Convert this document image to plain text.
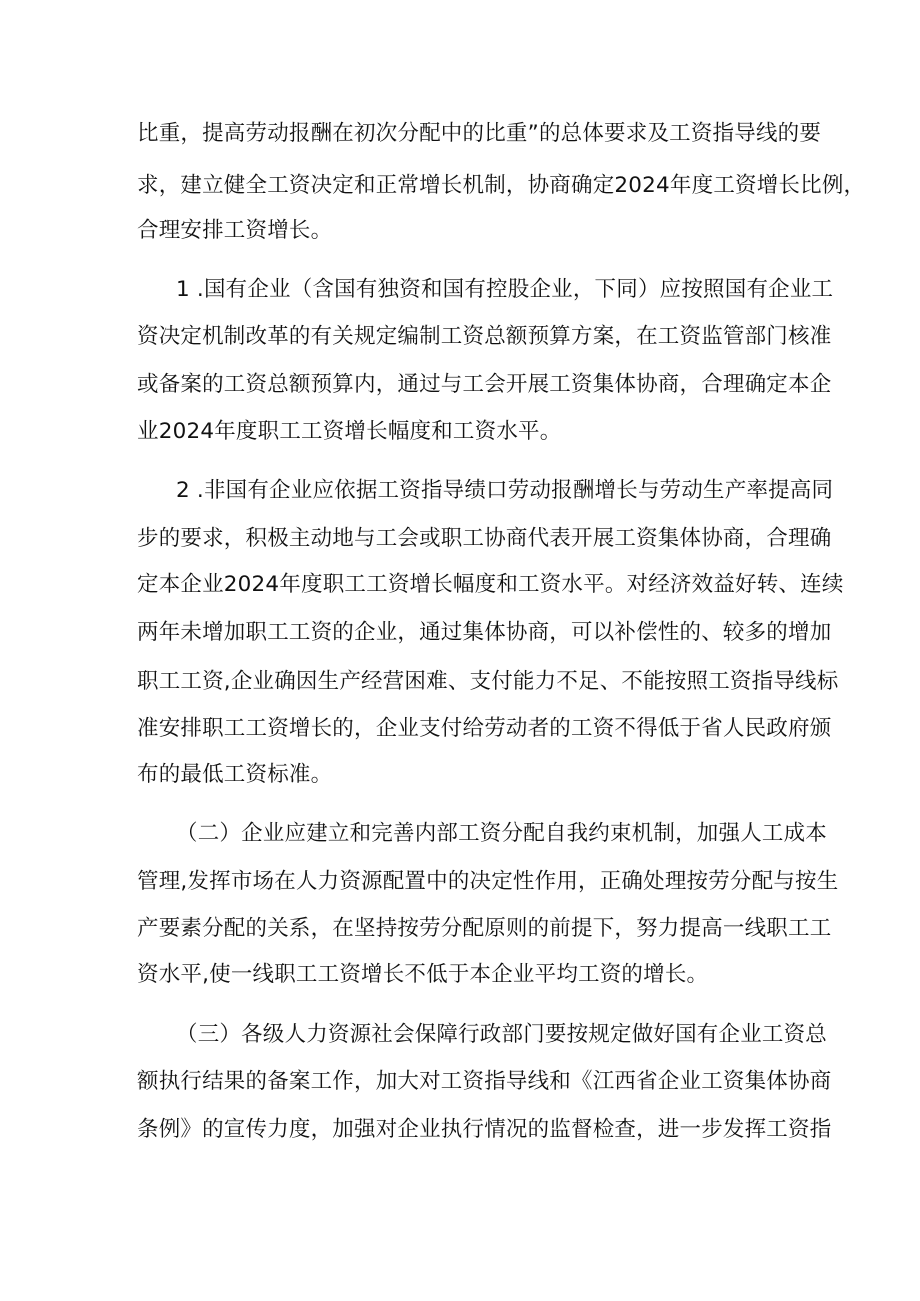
比重，提高劳动报酬在初次分配中的比重”的总体要求及工资指导线的要
求，建立健全工资决定和正常增长机制，协商确定2024年度工资增长比例，
合理安排工资增长。
1 .国有企业（含国有独资和国有控股企业，下同）应按照国有企业工
资决定机制改革的有关规定编制工资总额预算方案，在工资监管部门核准
或备案的工资总额预算内，通过与工会开展工资集体协商，合理确定本企
业2024年度职工工资增长幅度和工资水平。
2 .非国有企业应依据工资指导绩口劳动报酬增长与劳动生产率提高同
步的要求，积极主动地与工会或职工协商代表开展工资集体协商，合理确
定本企业2024年度职工工资增长幅度和工资水平。对经济效益好转、连续
两年未增加职工工资的企业，通过集体协商，可以补偿性的、较多的增加
职工工资,企业确因生产经营困难、支付能力不足、不能按照工资指导线标
准安排职工工资增长的，企业支付给劳动者的工资不得低于省人民政府颁
布的最低工资标准。
（二）企业应建立和完善内部工资分配自我约束机制，加强人工成本
管理,发挥市场在人力资源配置中的决定性作用，正确处理按劳分配与按生
产要素分配的关系，在坚持按劳分配原则的前提下，努力提高一线职工工
资水平,使一线职工工资增长不低于本企业平均工资的增长。
（三）各级人力资源社会保障行政部门要按规定做好国有企业工资总
额执行结果的备案工作，加大对工资指导线和《江西省企业工资集体协商
条例》的宣传力度，加强对企业执行情况的监督检查，进一步发挥工资指
